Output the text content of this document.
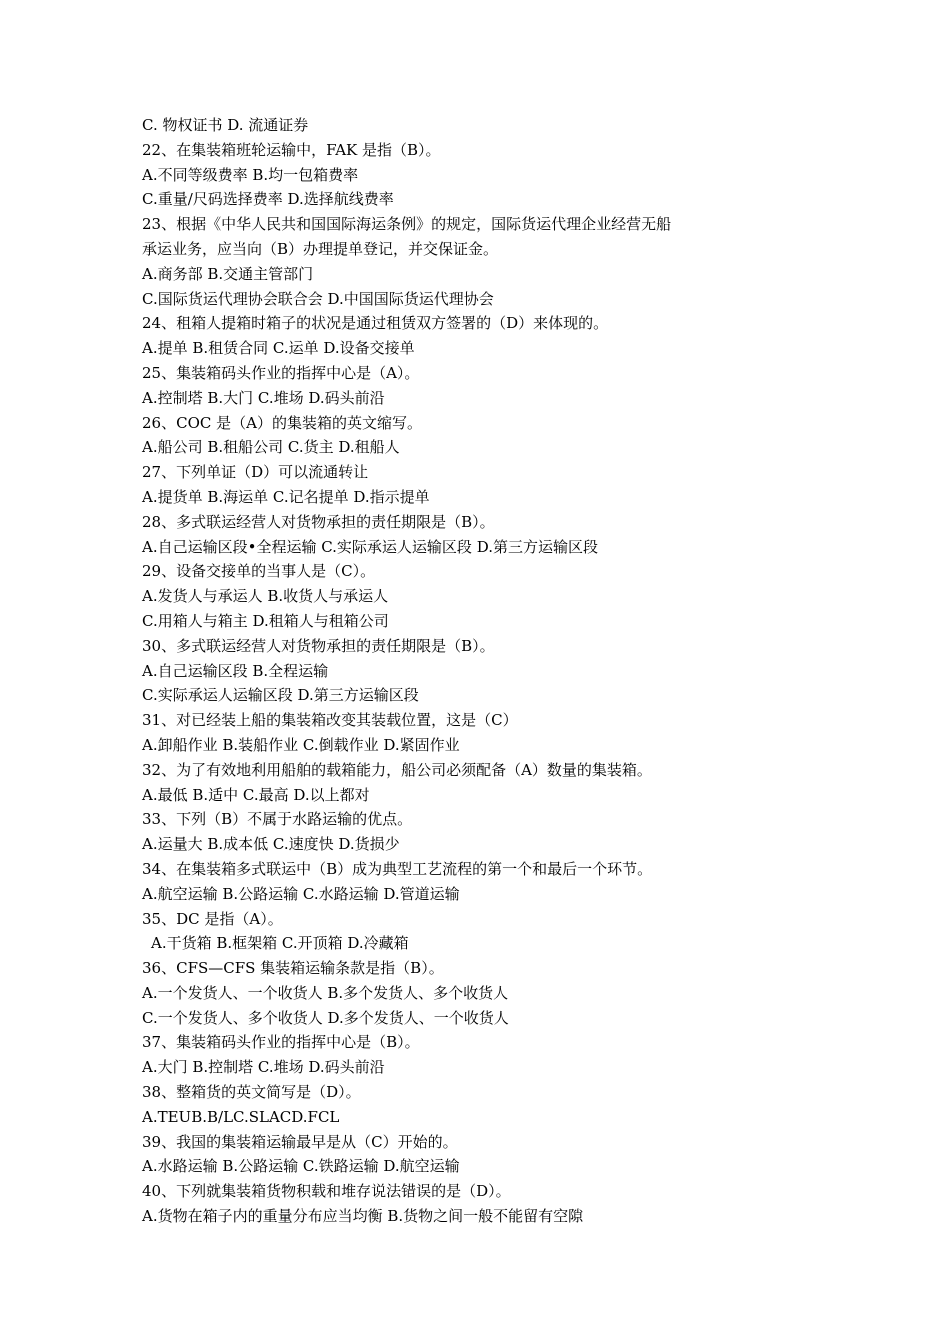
C. 物权证书 D. 流通证券
22、在集装箱班轮运输中，FAK 是指（B）。
A.不同等级费率 B.均一包箱费率
C.重量/尺码选择费率 D.选择航线费率
23、根据《中华人民共和国国际海运条例》的规定，国际货运代理企业经营无船
承运业务，应当向（B）办理提单登记，并交保证金。
A.商务部 B.交通主管部门
C.国际货运代理协会联合会 D.中国国际货运代理协会
24、租箱人提箱时箱子的状况是通过租赁双方签署的（D）来体现的。
A.提单 B.租赁合同 C.运单 D.设备交接单
25、集装箱码头作业的指挥中心是（A）。
A.控制塔 B.大门 C.堆场 D.码头前沿
26、COC 是（A）的集装箱的英文缩写。
A.船公司 B.租船公司 C.货主 D.租船人
27、下列单证（D）可以流通转让
A.提货单 B.海运单 C.记名提单 D.指示提单
28、多式联运经营人对货物承担的责任期限是（B）。
A.自己运输区段•全程运输 C.实际承运人运输区段 D.第三方运输区段
29、设备交接单的当事人是（C）。
A.发货人与承运人 B.收货人与承运人
C.用箱人与箱主 D.租箱人与租箱公司
30、多式联运经营人对货物承担的责任期限是（B）。
A.自己运输区段 B.全程运输
C.实际承运人运输区段 D.第三方运输区段
31、对已经装上船的集装箱改变其装载位置，这是（C）
A.卸船作业 B.装船作业 C.倒载作业 D.紧固作业
32、为了有效地利用船舶的载箱能力，船公司必须配备（A）数量的集装箱。
A.最低 B.适中 C.最高 D.以上都对
33、下列（B）不属于水路运输的优点。
A.运量大 B.成本低 C.速度快 D.货损少
34、在集装箱多式联运中（B）成为典型工艺流程的第一个和最后一个环节。
A.航空运输 B.公路运输 C.水路运输 D.管道运输
35、DC 是指（A）。
A.干货箱 B.框架箱 C.开顶箱 D.冷藏箱
36、CFS—CFS 集装箱运输条款是指（B）。
A.一个发货人、一个收货人 B.多个发货人、多个收货人
C.一个发货人、多个收货人 D.多个发货人、一个收货人
37、集装箱码头作业的指挥中心是（B）。
A.大门 B.控制塔 C.堆场 D.码头前沿
38、整箱货的英文简写是（D）。
A.TEUB.B/LC.SLACD.FCL
39、我国的集装箱运输最早是从（C）开始的。
A.水路运输 B.公路运输 C.铁路运输 D.航空运输
40、下列就集装箱货物积载和堆存说法错误的是（D）。
A.货物在箱子内的重量分布应当均衡 B.货物之间一般不能留有空隙
